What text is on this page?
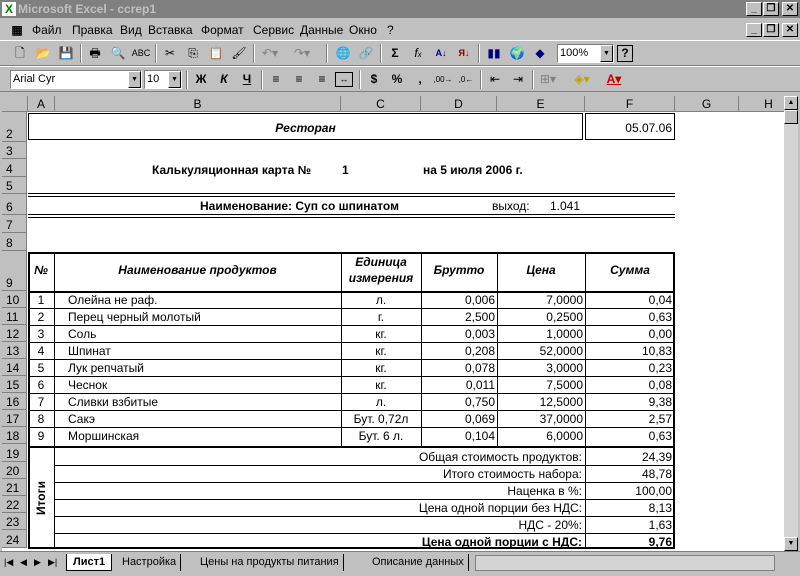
X Microsoft Excel - ccrep1	_ ❐	✕
▦ Файл Правка Вид Вставка Формат Сервис Данные Окно ?	_ ❐	✕
🗋 📂 💾	🖶 🔍 ABC	✂	⎘ 📋 🖌 ↶▾ ↷▾ 🌐 🔗	Σ	fx	A↓	Я↓	▮▮ 🌍 ◆	100%	▼ ?
Arial Cyr	▼ 10	▼	Ж	К	Ч	≡	≡	≡	↔	$	%	,	,00→ ,0←	⇤	⇥	⊞▾ ◈▾ A▾
A	B	C	D	E	F	G	H
2
3
4
5
6
7
8
9
10
11
12
13
14
15
16
17
18
19
20
21
22
23
24
Ресторан	05.07.06
Калькуляционная карта №	1	на 5 июля 2006 г.
Наименование: Суп со шпинатом	выход: 1.041
№	Наименование продуктов
Единица
измерения
Брутто	Цена	Сумма
1	Олейна не раф.	л.	0,006	7,0000	0,04
2	Перец черный молотый	г.	2,500	0,2500	0,63
3	Соль	кг.	0,003	1,0000	0,00
4	Шпинат	кг.	0,208	52,0000	10,83
5	Лук репчатый	кг.	0,078	3,0000	0,23
6	Чеснок	кг.	0,011	7,5000	0,08
7	Сливки взбитые	л.	0,750	12,5000	9,38
8	Сакэ	Бут. 0,72л	0,069	37,0000	2,57
9	Моршинская	Бут. 6 л.	0,104	6,0000	0,63
Итоги
Общая стоимость продуктов:	24,39
Итого стоимость набора:	48,78
Наценка в %:	100,00
Цена одной порции без НДС:	8,13
НДС - 20%:	1,63
Цена одной порции с НДС:	9,76
▲
▼
|◀ ◀ ▶ ▶|	Лист1	Настройка	Цены на продукты питания	Описание данных
